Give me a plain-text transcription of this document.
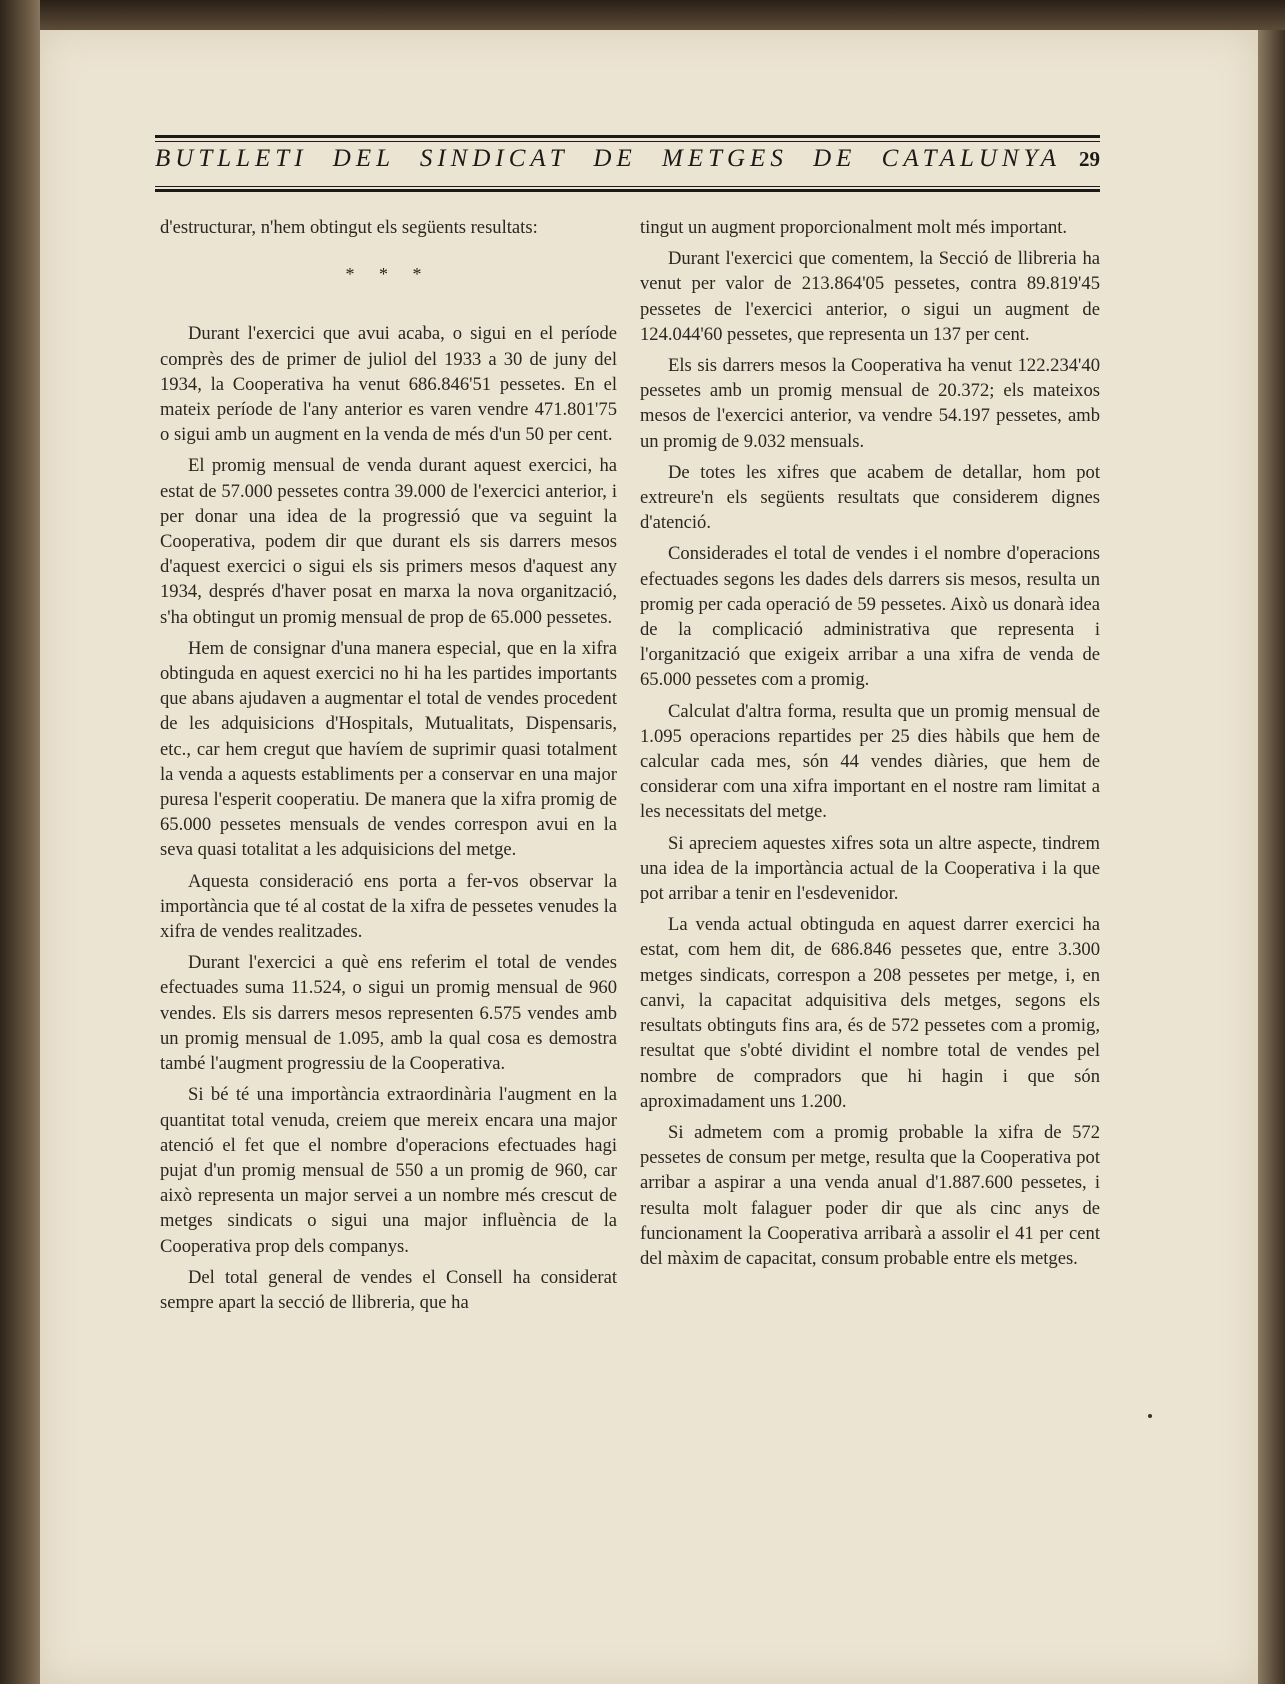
BUTLLETI DEL SINDICAT DE METGES DE CATALUNYA 29

d'estructurar, n'hem obtingut els següents resultats:

* * *

Durant l'exercici que avui acaba, o sigui en el període comprès des de primer de juliol del 1933 a 30 de juny del 1934, la Cooperativa ha venut 686.846'51 pessetes. En el mateix període de l'any anterior es varen vendre 471.801'75 o sigui amb un augment en la venda de més d'un 50 per cent.

El promig mensual de venda durant aquest exercici, ha estat de 57.000 pessetes contra 39.000 de l'exercici anterior, i per donar una idea de la progressió que va seguint la Cooperativa, podem dir que durant els sis darrers mesos d'aquest exercici o sigui els sis primers mesos d'aquest any 1934, després d'haver posat en marxa la nova organització, s'ha obtingut un promig mensual de prop de 65.000 pessetes.

Hem de consignar d'una manera especial, que en la xifra obtinguda en aquest exercici no hi ha les partides importants que abans ajudaven a augmentar el total de vendes procedent de les adquisicions d'Hospitals, Mutualitats, Dispensaris, etc., car hem cregut que havíem de suprimir quasi totalment la venda a aquests establiments per a conservar en una major puresa l'esperit cooperatiu. De manera que la xifra promig de 65.000 pessetes mensuals de vendes correspon avui en la seva quasi totalitat a les adquisicions del metge.

Aquesta consideració ens porta a fer-vos observar la importància que té al costat de la xifra de pessetes venudes la xifra de vendes realitzades.

Durant l'exercici a què ens referim el total de vendes efectuades suma 11.524, o sigui un promig mensual de 960 vendes. Els sis darrers mesos representen 6.575 vendes amb un promig mensual de 1.095, amb la qual cosa es demostra també l'augment progressiu de la Cooperativa.

Si bé té una importància extraordinària l'augment en la quantitat total venuda, creiem que mereix encara una major atenció el fet que el nombre d'operacions efectuades hagi pujat d'un promig mensual de 550 a un promig de 960, car això representa un major servei a un nombre més crescut de metges sindicats o sigui una major influència de la Cooperativa prop dels companys.

Del total general de vendes el Consell ha considerat sempre apart la secció de llibreria, que ha

tingut un augment proporcionalment molt més important.

Durant l'exercici que comentem, la Secció de llibreria ha venut per valor de 213.864'05 pessetes, contra 89.819'45 pessetes de l'exercici anterior, o sigui un augment de 124.044'60 pessetes, que representa un 137 per cent.

Els sis darrers mesos la Cooperativa ha venut 122.234'40 pessetes amb un promig mensual de 20.372; els mateixos mesos de l'exercici anterior, va vendre 54.197 pessetes, amb un promig de 9.032 mensuals.

De totes les xifres que acabem de detallar, hom pot extreure'n els següents resultats que considerem dignes d'atenció.

Considerades el total de vendes i el nombre d'operacions efectuades segons les dades dels darrers sis mesos, resulta un promig per cada operació de 59 pessetes. Això us donarà idea de la complicació administrativa que representa i l'organització que exigeix arribar a una xifra de venda de 65.000 pessetes com a promig.

Calculat d'altra forma, resulta que un promig mensual de 1.095 operacions repartides per 25 dies hàbils que hem de calcular cada mes, són 44 vendes diàries, que hem de considerar com una xifra important en el nostre ram limitat a les necessitats del metge.

Si apreciem aquestes xifres sota un altre aspecte, tindrem una idea de la importància actual de la Cooperativa i la que pot arribar a tenir en l'esdevenidor.

La venda actual obtinguda en aquest darrer exercici ha estat, com hem dit, de 686.846 pessetes que, entre 3.300 metges sindicats, correspon a 208 pessetes per metge, i, en canvi, la capacitat adquisitiva dels metges, segons els resultats obtinguts fins ara, és de 572 pessetes com a promig, resultat que s'obté dividint el nombre total de vendes pel nombre de compradors que hi hagin i que són aproximadament uns 1.200.

Si admetem com a promig probable la xifra de 572 pessetes de consum per metge, resulta que la Cooperativa pot arribar a aspirar a una venda anual d'1.887.600 pessetes, i resulta molt falaguer poder dir que als cinc anys de funcionament la Cooperativa arribarà a assolir el 41 per cent del màxim de capacitat, consum probable entre els metges.
